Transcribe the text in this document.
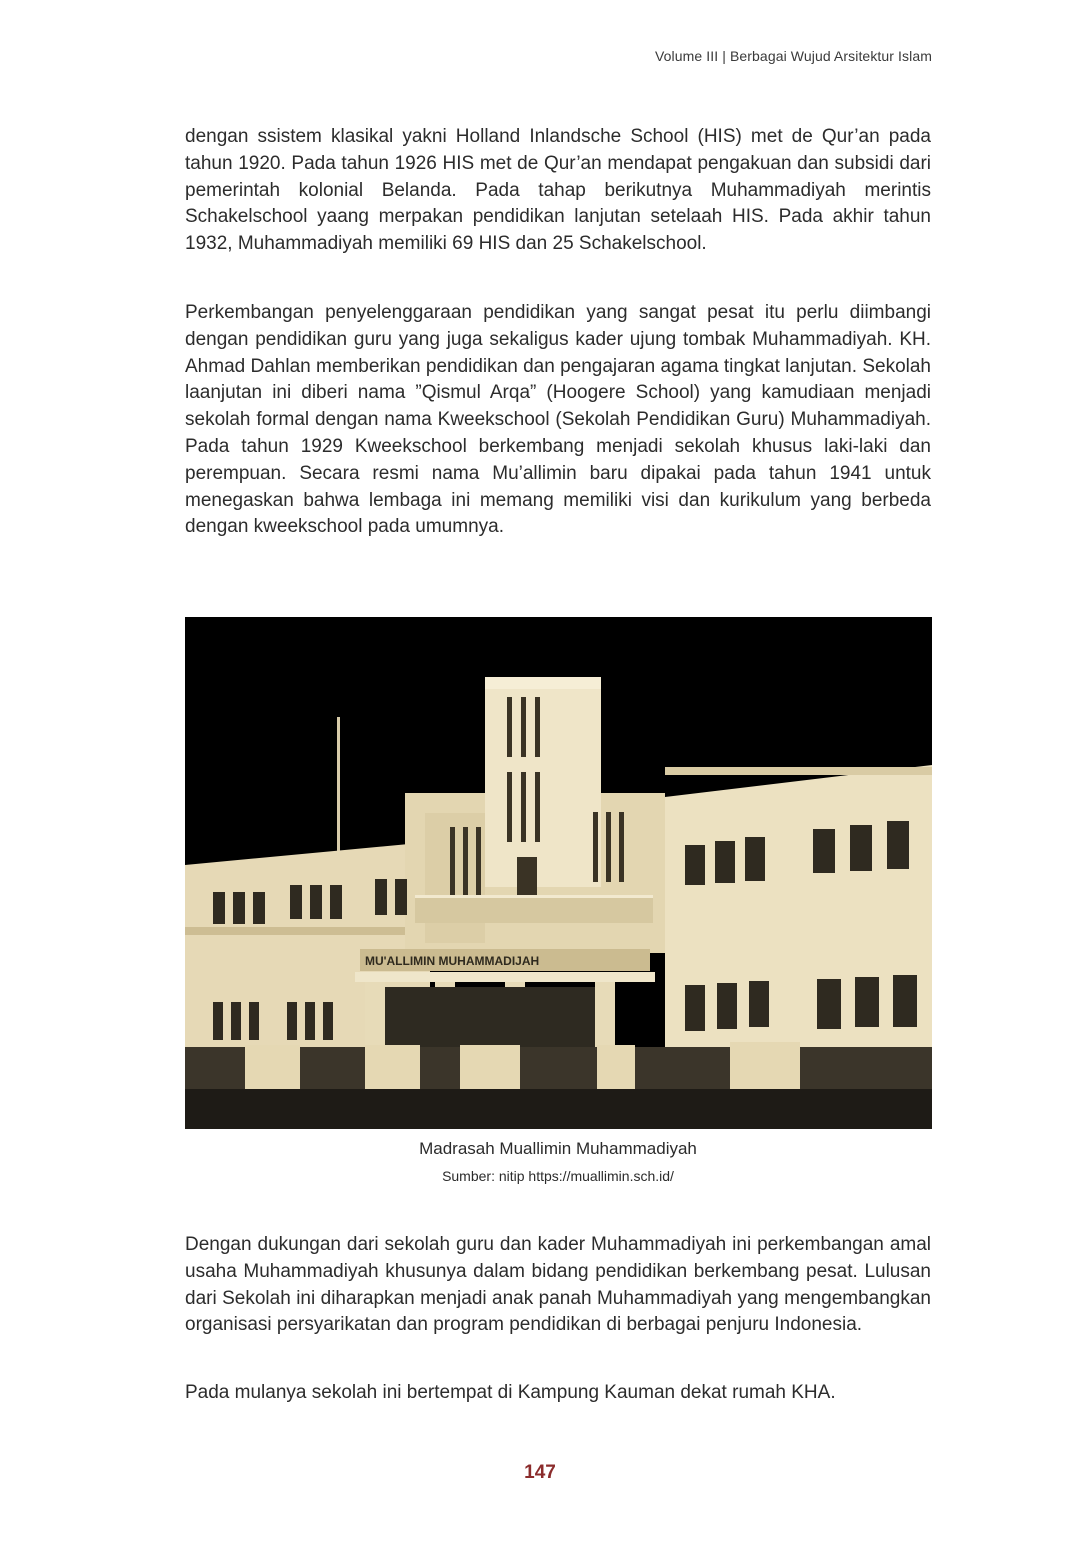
Volume III | Berbagai Wujud Arsitektur Islam

dengan ssistem klasikal yakni Holland Inlandsche School (HIS) met de Qur’an pada tahun 1920. Pada tahun 1926 HIS met de Qur’an mendapat pengakuan dan subsidi dari pemerintah kolonial Belanda. Pada tahap berikutnya Muhammadiyah merintis Schakelschool yaang merpakan pendidikan lanjutan setelaah HIS. Pada akhir tahun 1932, Muhammadiyah memiliki 69 HIS dan 25 Schakelschool.

Perkembangan penyelenggaraan pendidikan yang sangat pesat itu perlu diimbangi dengan pendidikan guru yang juga sekaligus kader ujung tombak Muhammadiyah. KH. Ahmad Dahlan memberikan pendidikan dan pengajaran agama tingkat lanjutan. Sekolah laanjutan ini diberi nama ”Qismul Arqa” (Hoogere School) yang kamudiaan menjadi sekolah formal dengan nama Kweekschool (Sekolah Pendidikan Guru) Muhammadiyah. Pada tahun 1929 Kweekschool berkembang menjadi sekolah khusus laki-laki dan perempuan. Secara resmi nama Mu’allimin baru dipakai pada tahun 1941 untuk menegaskan bahwa lembaga ini memang memiliki visi dan kurikulum yang berbeda dengan kweekschool pada umumnya.

MU'ALLIMIN MUHAMMADIJAH
Madrasah Muallimin Muhammadiyah
Sumber: nitip https://muallimin.sch.id/

Dengan dukungan dari sekolah guru dan kader Muhammadiyah ini perkembangan amal usaha Muhammadiyah khusunya dalam bidang pendidikan berkembang pesat. Lulusan dari Sekolah ini diharapkan menjadi anak panah Muhammadiyah yang mengembangkan organisasi persyarikatan dan program pendidikan di berbagai penjuru Indonesia.

Pada mulanya sekolah ini bertempat di Kampung Kauman dekat rumah KHA.

147
